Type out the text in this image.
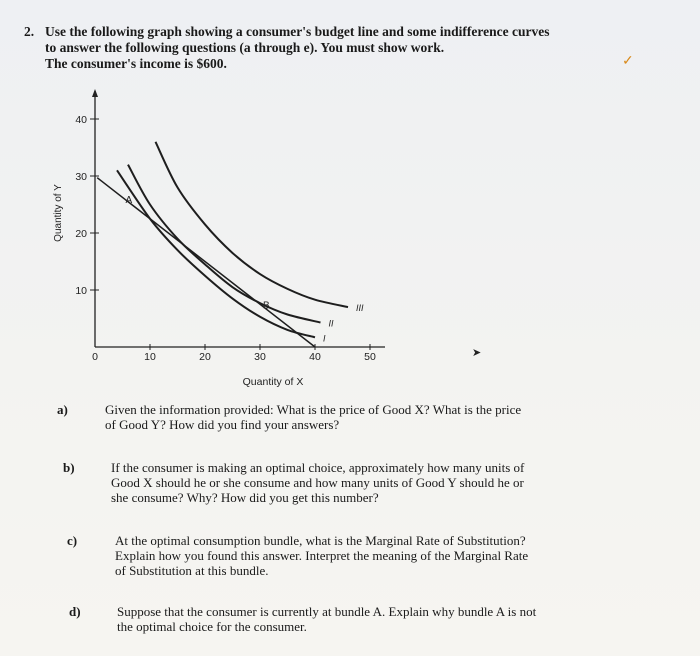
2. Use the following graph showing a consumer's budget line and some indifference curves
to answer the following questions (a through e). You must show work.
The consumer's income is $600.
10
20
30
40
0	10	20	30	40	50
I
II
III
A
B
Quantity of X
Quantity of Y
a)	Given the information provided: What is the price of Good X? What is the price
of Good Y? How did you find your answers?
b)	If the consumer is making an optimal choice, approximately how many units of
Good X should he or she consume and how many units of Good Y should he or
she consume? Why? How did you get this number?
c)	At the optimal consumption bundle, what is the Marginal Rate of Substitution?
Explain how you found this answer. Interpret the meaning of the Marginal Rate
of Substitution at this bundle.
d)	Suppose that the consumer is currently at bundle A. Explain why bundle A is not
the optimal choice for the consumer.
✓
➤
